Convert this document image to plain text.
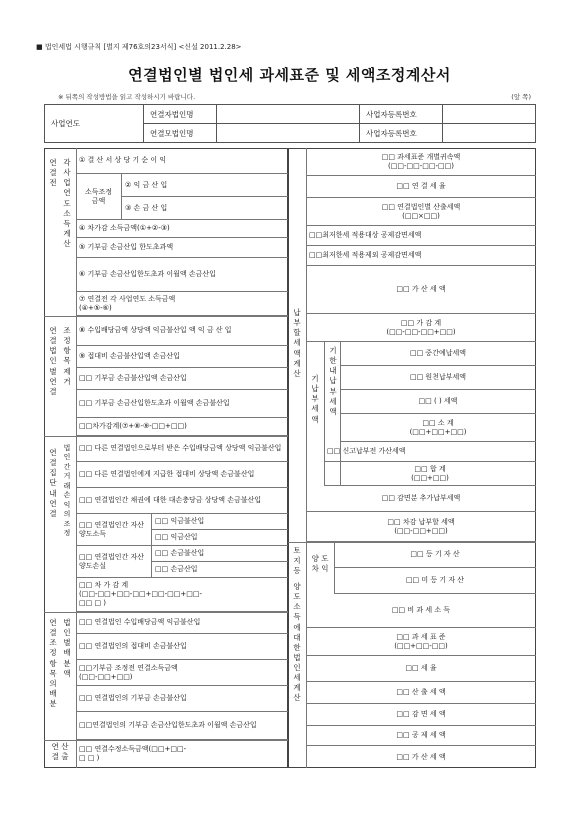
■ 법인세법 시행규칙 [별지 제76호의23서식] <신설 2011.2.28>
연결법인별 법인세 과세표준 및 세액조정계산서
※ 뒤쪽의 작성방법을 읽고 작성하시기 바랍니다.	(앞 쪽)
사업연도	연결자법인명		사업자등록번호	
	연결모법인명		사업자등록번호	
연
결
전
각
사
업
연
도
소
득
계
산
① 결 산 서 상 당 기 순 이 익
소득조정
금액
② 익 금 산 입
③ 손 금 산 입
④ 차가감 소득금액(①+②-③)
⑤ 기부금 손금산입 한도초과액
⑥ 기부금 손금산입한도초과 이월액 손금산입
⑦ 연결전 각 사업연도 소득금액
(④+⑤-⑥)
연
결
법
인
별
연
결
조
정
항
목
제
거
⑧ 수입배당금액 상당액 익금불산입 액 익 금 산 입
⑨ 접대비 손금불산입액 손금산입
□□ 기부금 손금불산입액 손금산입
□□ 기부금 손금산입한도초과 이월액 손금불산입
□□차가감계(⑦+⑧-⑨-□□+□□)
연
결
집
단
내
연
결
법
인
간
거
래
손
익
의
조
정
□□ 다른 연결법인으로부터 받은 수입배당금액 상당액 익금불산입
□□ 다른 연결법인에게 지급한 접대비 상당액 손금불산입
□□ 연결법인간 채권에 대한 대손충당금 상당액 손금불산입
□□ 연결법인간 자산 양도소득
□□ 익금불산입
□□ 익금산입
□□ 연결법인간 자산 양도손실
□□ 손금불산입
□□ 손금산입
□□ 차 가 감 계
(□□-□□+□□-□□+□□-□□+□□-
□□ □ )
연
결
조
정
항
목
의
배
분
법
인
별
배
분
액
□□ 연결법인 수입배당금액 익금불산입
□□ 연결법인의 접대비 손금불산입
□□기부금 조정전 연결소득금액
(□□-□□+□□)
□□ 연결법인의 기부금 손금불산입
□□연결법인의 기부금 손금산입한도초과 이월액 손금산입
연 산
결 출
□□ 연결수정소득금액(□□+□□-
□ □ )
납
부
할
세
액
계
산
□□ 과세표준 개별귀속액
(□□-□□-□□-□□)
□□ 연 결 세 율
□□ 연결법인별 산출세액
(□□×□□)
□□최저한세 적용대상 공제감면세액
□□최저한세 적용제외 공제감면세액
□□ 가 산 세 액
□□ 가 감 계
(□□-□□-□□+□□)
기
납
부
세
액
기
한
내
납
부
세
액
□□ 중간예납세액
□□ 원천납부세액
□□ ( ) 세액
□□ 소 계
(□□+□□+□□)
□□ 신고납부전 가산세액
□□ 합 계
(□□+□□)
□□ 감면분 추가납부세액
□□ 차감 납부할 세액
(□□-□□+□□)
토
지
등
양
도
소
득
에
대
한
법
인
세
계
산
양 도
차 익
□□ 등 기 자 산
□□ 미 등 기 자 산
□□ 비 과 세 소 득
□□ 과 세 표 준
(□□+□□-□□)
□□ 세 율
□□ 산 출 세 액
□□ 감 면 세 액
□□ 공 제 세 액
□□ 가 산 세 액
